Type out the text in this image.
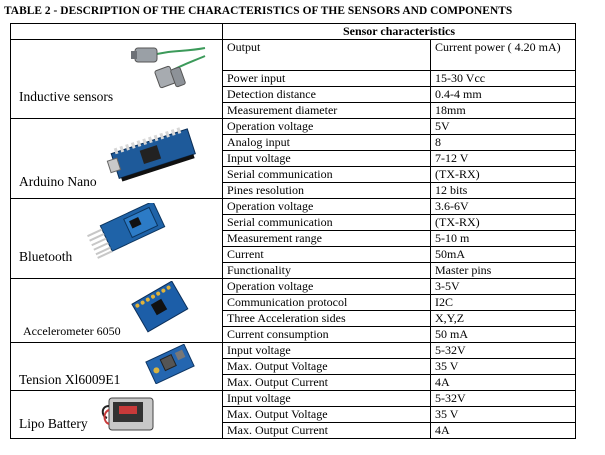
TABLE 2 - DESCRIPTION OF THE CHARACTERISTICS OF THE SENSORS AND COMPONENTS
	Sensor characteristics	

Inductive sensors	Output	Current power ( 4.20 mA)
	Power input	15-30 Vcc
	Detection distance	0.4-4 mm
	Measurement diameter	18mm

Arduino Nano	Operation voltage	5V
	Analog input	8
	Input voltage	7-12 V
	Serial communication	(TX-RX)
	Pines resolution	12 bits

Bluetooth	Operation voltage	3.6-6V
	Serial communication	(TX-RX)
	Measurement range	5-10 m
	Current	50mA
	Functionality	Master pins

Accelerometer 6050	Operation voltage	3-5V
	Communication protocol	I2C
	Three Acceleration sides	X,Y,Z
	Current consumption	50 mA

Tension Xl6009E1	Input voltage	5-32V
	Max. Output Voltage	35 V
	Max. Output Current	4A

Lipo Battery	Input voltage	5-32V
	Max. Output Voltage	35 V
	Max. Output Current	4A
